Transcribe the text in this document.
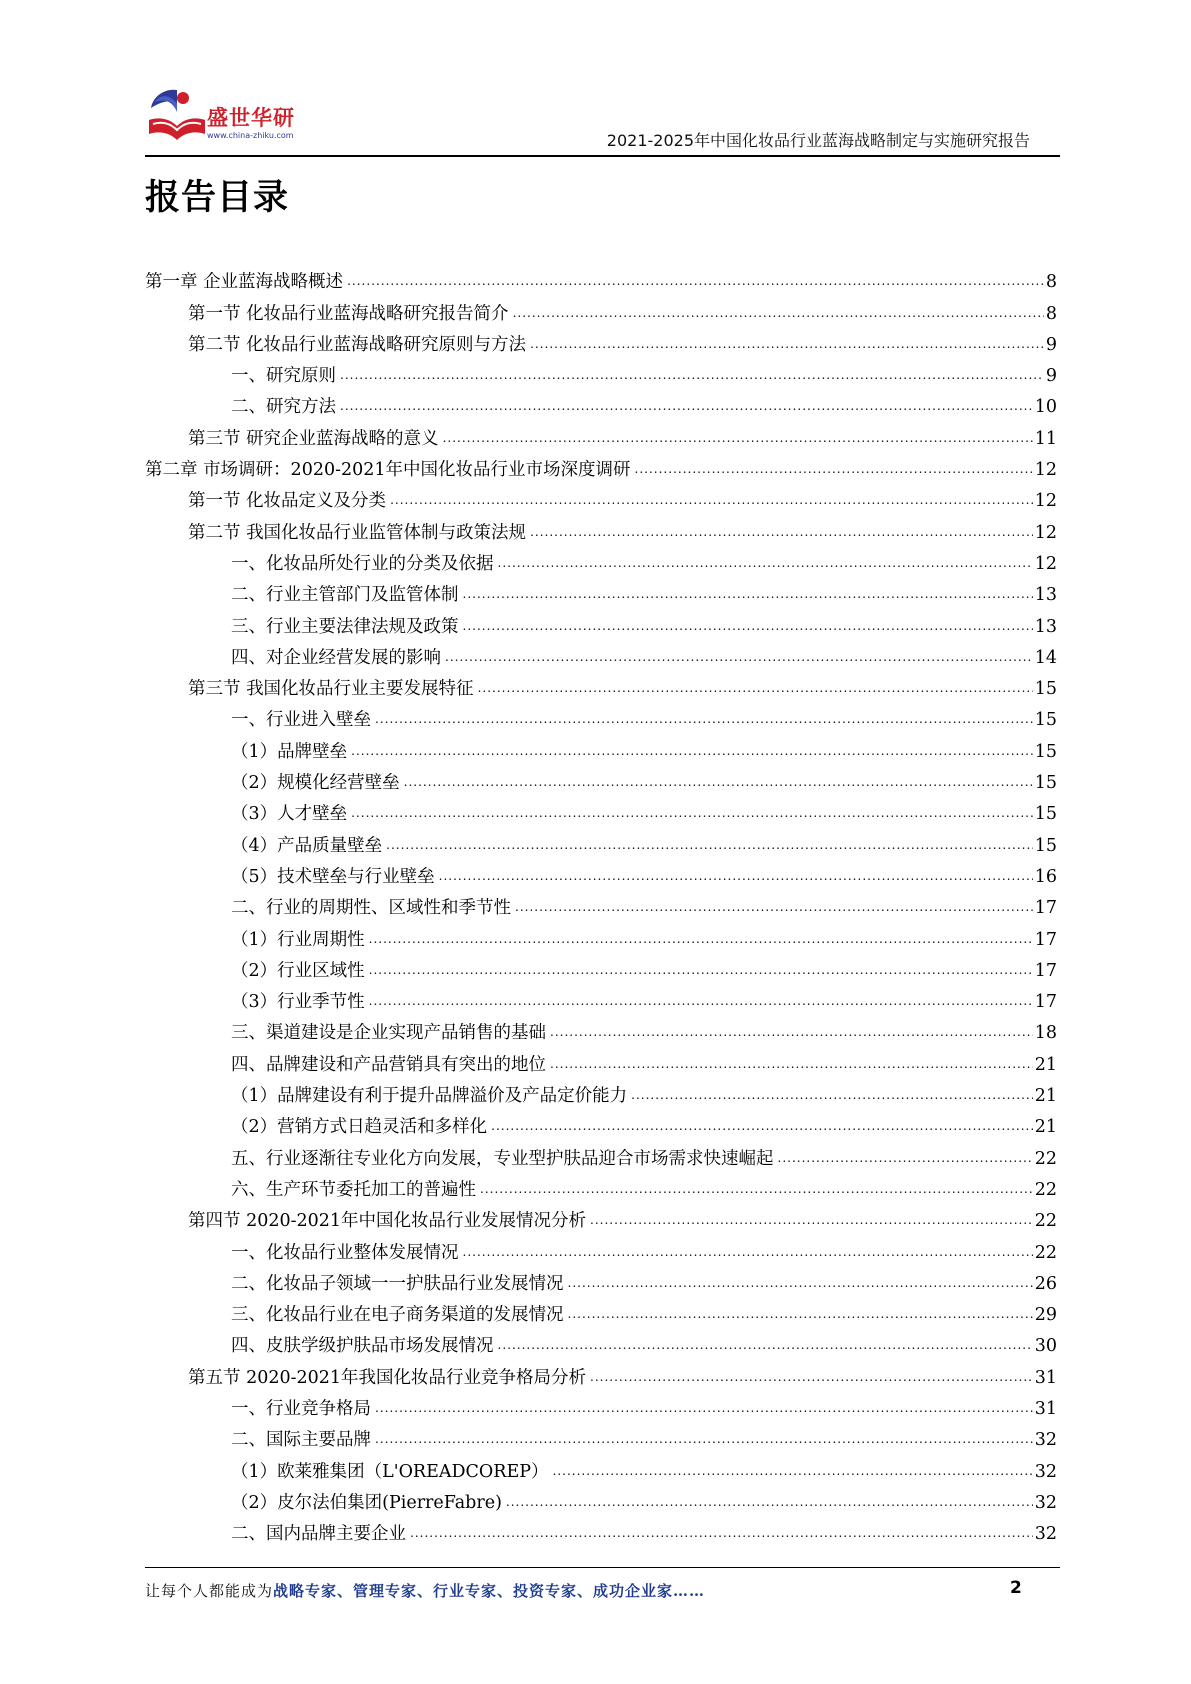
盛世华研
www.china-zhiku.com	2021-2025年中国化妆品行业蓝海战略制定与实施研究报告
报告目录
第一章 企业蓝海战略概述 .....	8
第一节 化妆品行业蓝海战略研究报告简介 .....	8
第二节 化妆品行业蓝海战略研究原则与方法 .....	9
一、研究原则 .....	9
二、研究方法 .....	10
第三节 研究企业蓝海战略的意义 .....	11
第二章 市场调研：2020-2021年中国化妆品行业市场深度调研 .....	12
第一节 化妆品定义及分类 .....	12
第二节 我国化妆品行业监管体制与政策法规 .....	12
一、化妆品所处行业的分类及依据 .....	12
二、行业主管部门及监管体制 .....	13
三、行业主要法律法规及政策 .....	13
四、对企业经营发展的影响 .....	14
第三节 我国化妆品行业主要发展特征 .....	15
一、行业进入壁垒 .....	15
（1）品牌壁垒 .....	15
（2）规模化经营壁垒 .....	15
（3）人才壁垒 .....	15
（4）产品质量壁垒 .....	15
（5）技术壁垒与行业壁垒 .....	16
二、行业的周期性、区域性和季节性 .....	17
（1）行业周期性 .....	17
（2）行业区域性 .....	17
（3）行业季节性 .....	17
三、渠道建设是企业实现产品销售的基础 .....	18
四、品牌建设和产品营销具有突出的地位 .....	21
（1）品牌建设有利于提升品牌溢价及产品定价能力 .....	21
（2）营销方式日趋灵活和多样化 .....	21
五、行业逐渐往专业化方向发展，专业型护肤品迎合市场需求快速崛起 .....	22
六、生产环节委托加工的普遍性 .....	22
第四节 2020-2021年中国化妆品行业发展情况分析 .....	22
一、化妆品行业整体发展情况 .....	22
二、化妆品子领域一一护肤品行业发展情况 .....	26
三、化妆品行业在电子商务渠道的发展情况 .....	29
四、皮肤学级护肤品市场发展情况 .....	30
第五节 2020-2021年我国化妆品行业竞争格局分析 .....	31
一、行业竞争格局 .....	31
二、国际主要品牌 .....	32
（1）欧莱雅集团（L'OREADCOREP） .....	32
（2）皮尔法伯集团(PierreFabre) .....	32
二、国内品牌主要企业 .....	32
让每个人都能成为战略专家、管理专家、行业专家、投资专家、成功企业家……	2
